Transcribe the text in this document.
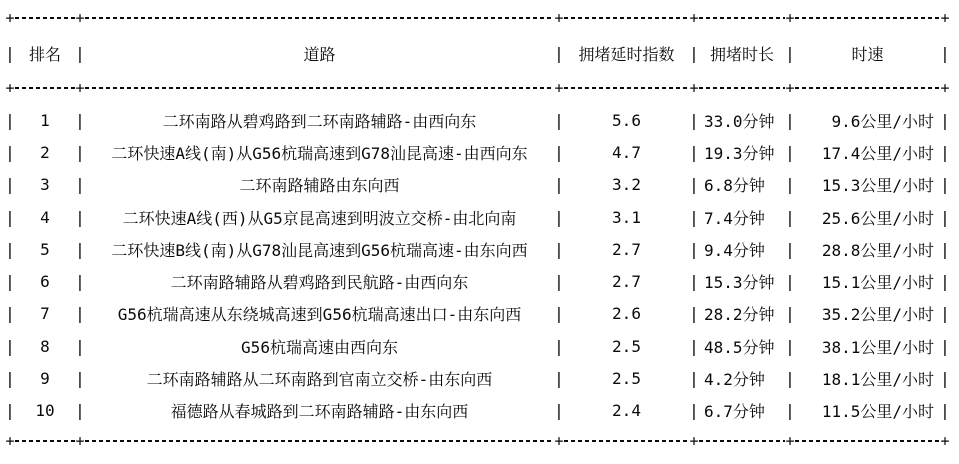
+	+	+	+	+	+
| 排名 |	道路	| 拥堵延时指数 | 拥堵时长 |	时速	|
+	+	+	+	+	+
|	1	|	二环南路从碧鸡路到二环南路辅路-由西向东	|	5.6	| 33.0分钟 |	9.6公里/小时 |
|	2	|	二环快速A线(南)从G56杭瑞高速到G78汕昆高速-由西向东	|	4.7	| 19.3分钟 |	17.4公里/小时 |
|	3	|	二环南路辅路由东向西	|	3.2	| 6.8分钟	|	15.3公里/小时 |
|	4	|	二环快速A线(西)从G5京昆高速到明波立交桥-由北向南	|	3.1	| 7.4分钟	|	25.6公里/小时 |
|	5	|	二环快速B线(南)从G78汕昆高速到G56杭瑞高速-由东向西	|	2.7	| 9.4分钟	|	28.8公里/小时 |
|	6	|	二环南路辅路从碧鸡路到民航路-由西向东	|	2.7	| 15.3分钟 |	15.1公里/小时 |
|	7	|	G56杭瑞高速从东绕城高速到G56杭瑞高速出口-由东向西	|	2.6	| 28.2分钟 |	35.2公里/小时 |
|	8	|	G56杭瑞高速由西向东	|	2.5	| 48.5分钟 |	38.1公里/小时 |
|	9	|	二环南路辅路从二环南路到官南立交桥-由东向西	|	2.5	| 4.2分钟	|	18.1公里/小时 |
|	10	|	福德路从春城路到二环南路辅路-由东向西	|	2.4	| 6.7分钟	|	11.5公里/小时 |
+	+	+	+	+	+
